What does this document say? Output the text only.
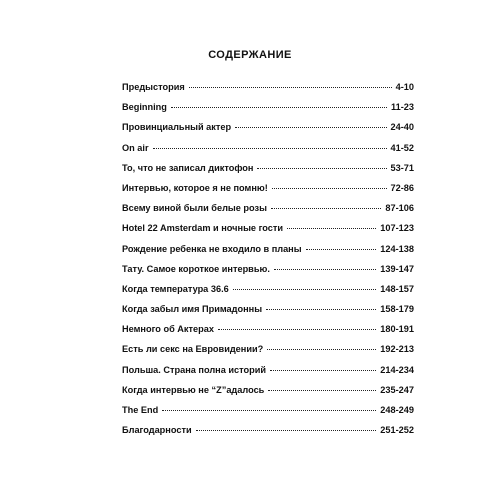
СОДЕРЖАНИЕ
Предыстория	4-10
Beginning	11-23
Провинциальный актер	24-40
On air	41-52
То, что не записал диктофон	53-71
Интервью, которое я не помню!	72-86
Всему виной были белые розы	87-106
Hotel 22 Amsterdam и ночные гости	107-123
Рождение ребенка не входило в планы	124-138
Тату. Самое короткое интервью.	139-147
Когда температура 36.6	148-157
Когда забыл имя Примадонны	158-179
Немного об Актерах	180-191
Есть ли секс на Евровидении?	192-213
Польша. Страна полна историй	214-234
Когда интервью не “Z”адалось	235-247
The End	248-249
Благодарности	251-252
